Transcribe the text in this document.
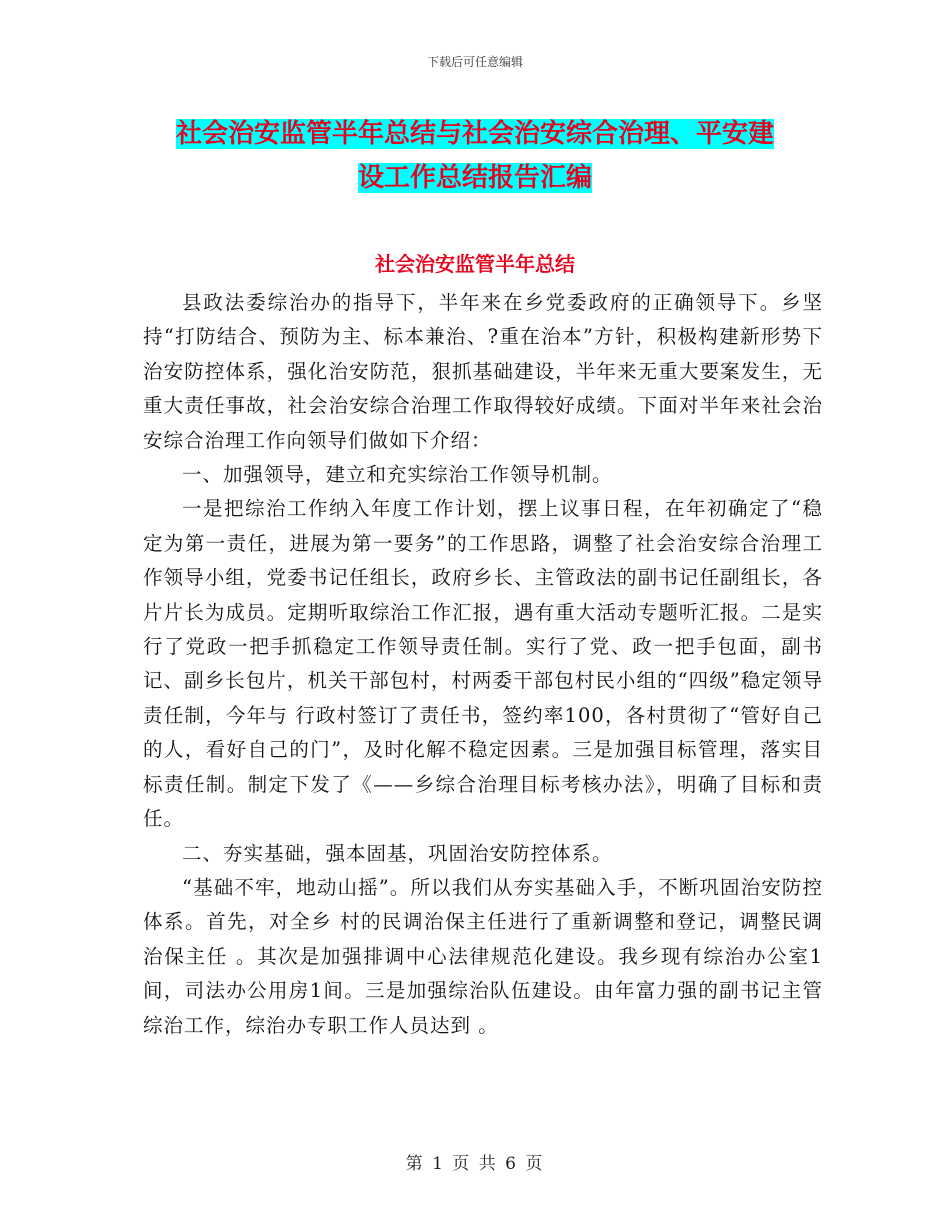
下载后可任意编辑
社会治安监管半年总结与社会治安综合治理、平安建
设工作总结报告汇编
社会治安监管半年总结

县政法委综治办的指导下，半年来在乡党委政府的正确领导下。乡坚持“打防结合、预防为主、标本兼治、?重在治本”方针，积极构建新形势下治安防控体系，强化治安防范，狠抓基础建设，半年来无重大要案发生，无重大责任事故，社会治安综合治理工作取得较好成绩。下面对半年来社会治安综合治理工作向领导们做如下介绍：

一、加强领导，建立和充实综治工作领导机制。

一是把综治工作纳入年度工作计划，摆上议事日程，在年初确定了“稳定为第一责任，进展为第一要务”的工作思路，调整了社会治安综合治理工作领导小组，党委书记任组长，政府乡长、主管政法的副书记任副组长，各片片长为成员。定期听取综治工作汇报，遇有重大活动专题听汇报。二是实行了党政一把手抓稳定工作领导责任制。实行了党、政一把手包面，副书记、副乡长包片，机关干部包村，村两委干部包村民小组的“四级”稳定领导责任制，今年与 行政村签订了责任书，签约率100，各村贯彻了“管好自己的人，看好自己的门”，及时化解不稳定因素。三是加强目标管理，落实目标责任制。制定下发了《——乡综合治理目标考核办法》，明确了目标和责任。

二、夯实基础，强本固基，巩固治安防控体系。

“基础不牢，地动山摇”。所以我们从夯实基础入手，不断巩固治安防控体系。首先，对全乡 村的民调治保主任进行了重新调整和登记，调整民调治保主任 。其次是加强排调中心法律规范化建设。我乡现有综治办公室1间，司法办公用房1间。三是加强综治队伍建设。由年富力强的副书记主管综治工作，综治办专职工作人员达到 。

第 1 页 共 6 页
